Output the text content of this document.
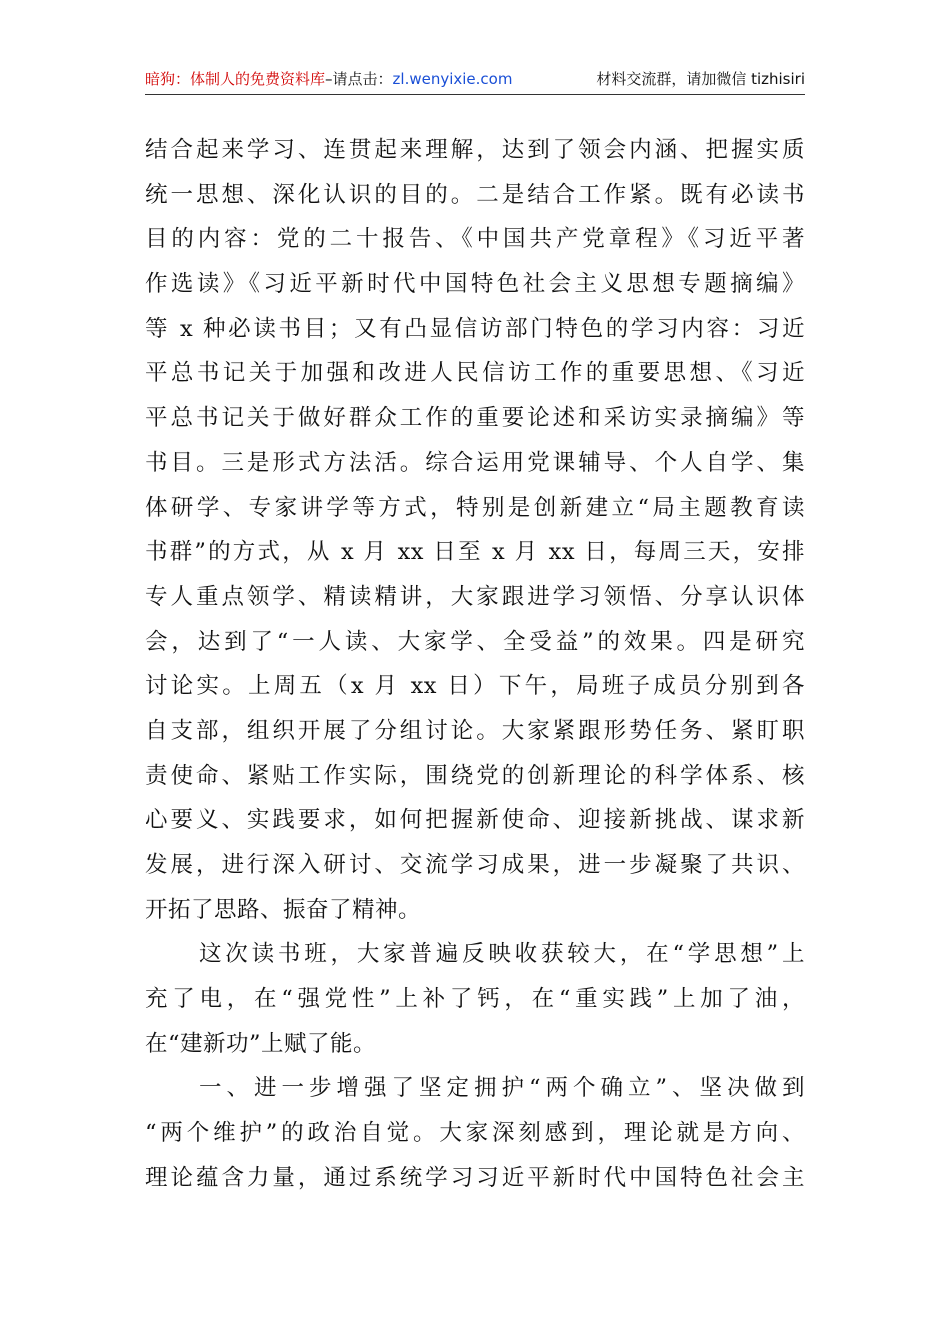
暗狗：体制人的免费资料库–请点击：zl.wenyixie.com	材料交流群，请加微信 tizhisiri
结合起来学习、连贯起来理解，达到了领会内涵、把握实质
统一思想、深化认识的目的。二是结合工作紧。既有必读书
目的内容：党的二十报告、《中国共产党章程》《习近平著
作选读》《习近平新时代中国特色社会主义思想专题摘编》
等 x 种必读书目；又有凸显信访部门特色的学习内容：习近
平总书记关于加强和改进人民信访工作的重要思想、《习近
平总书记关于做好群众工作的重要论述和采访实录摘编》等
书目。三是形式方法活。综合运用党课辅导、个人自学、集
体研学、专家讲学等方式，特别是创新建立“局主题教育读
书群”的方式，从 x 月 xx 日至 x 月 xx 日，每周三天，安排
专人重点领学、精读精讲，大家跟进学习领悟、分享认识体
会，达到了“一人读、大家学、全受益”的效果。四是研究
讨论实。上周五（x 月 xx 日）下午，局班子成员分别到各
自支部，组织开展了分组讨论。大家紧跟形势任务、紧盯职
责使命、紧贴工作实际，围绕党的创新理论的科学体系、核
心要义、实践要求，如何把握新使命、迎接新挑战、谋求新
发展，进行深入研讨、交流学习成果，进一步凝聚了共识、
开拓了思路、振奋了精神。
这次读书班，大家普遍反映收获较大，在“学思想”上
充了电，在“强党性”上补了钙，在“重实践”上加了油，
在“建新功”上赋了能。
一、进一步增强了坚定拥护“两个确立”、坚决做到
“两个维护”的政治自觉。大家深刻感到，理论就是方向、
理论蕴含力量，通过系统学习习近平新时代中国特色社会主
